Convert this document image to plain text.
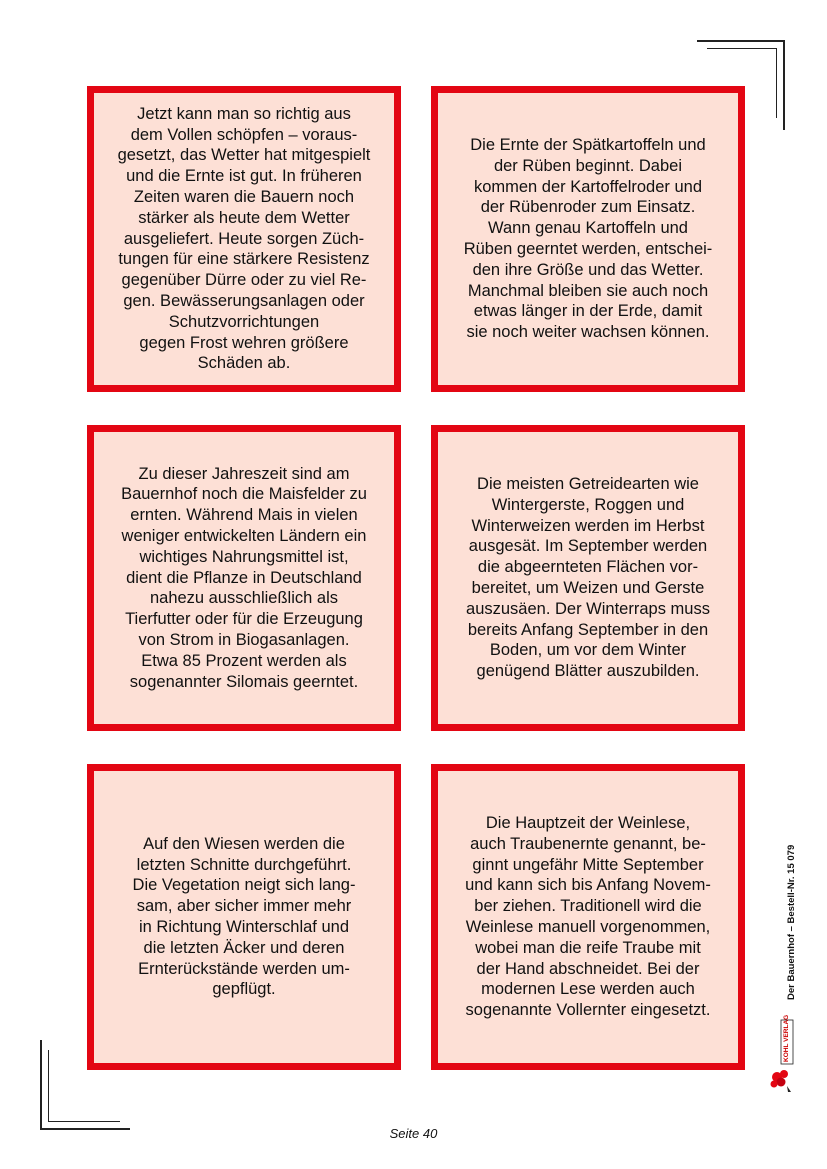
Jetzt kann man so richtig aus
dem Vollen schöpfen – voraus-
gesetzt, das Wetter hat mitgespielt
und die Ernte ist gut. In früheren
Zeiten waren die Bauern noch
stärker als heute dem Wetter
ausgeliefert. Heute sorgen Züch-
tungen für eine stärkere Resistenz
gegenüber Dürre oder zu viel Re-
gen. Bewässerungsanlagen oder
Schutzvorrichtungen
gegen Frost wehren größere
Schäden ab.

Die Ernte der Spätkartoffeln und
der Rüben beginnt. Dabei
kommen der Kartoffelroder und
der Rübenroder zum Einsatz.
Wann genau Kartoffeln und
Rüben geerntet werden, entschei-
den ihre Größe und das Wetter.
Manchmal bleiben sie auch noch
etwas länger in der Erde, damit
sie noch weiter wachsen können.

Zu dieser Jahreszeit sind am
Bauernhof noch die Maisfelder zu
ernten. Während Mais in vielen
weniger entwickelten Ländern ein
wichtiges Nahrungsmittel ist,
dient die Pflanze in Deutschland
nahezu ausschließlich als
Tierfutter oder für die Erzeugung
von Strom in Biogasanlagen.
Etwa 85 Prozent werden als
sogenannter Silomais geerntet.

Die meisten Getreidearten wie
Wintergerste, Roggen und
Winterweizen werden im Herbst
ausgesät. Im September werden
die abgeernteten Flächen vor-
bereitet, um Weizen und Gerste
auszusäen. Der Winterraps muss
bereits Anfang September in den
Boden, um vor dem Winter
genügend Blätter auszubilden.

Auf den Wiesen werden die
letzten Schnitte durchgeführt.
Die Vegetation neigt sich lang-
sam, aber sicher immer mehr
in Richtung Winterschlaf und
die letzten Äcker und deren
Ernterückstände werden um-
gepflügt.

Die Hauptzeit der Weinlese,
auch Traubenernte genannt, be-
ginnt ungefähr Mitte September
und kann sich bis Anfang Novem-
ber ziehen. Traditionell wird die
Weinlese manuell vorgenommen,
wobei man die reife Traube mit
der Hand abschneidet. Bei der
modernen Lese werden auch
sogenannte Vollernter eingesetzt.

Der Bauernhof – Bestell-Nr. 15 079
KOHL VERLAG
Seite 40
